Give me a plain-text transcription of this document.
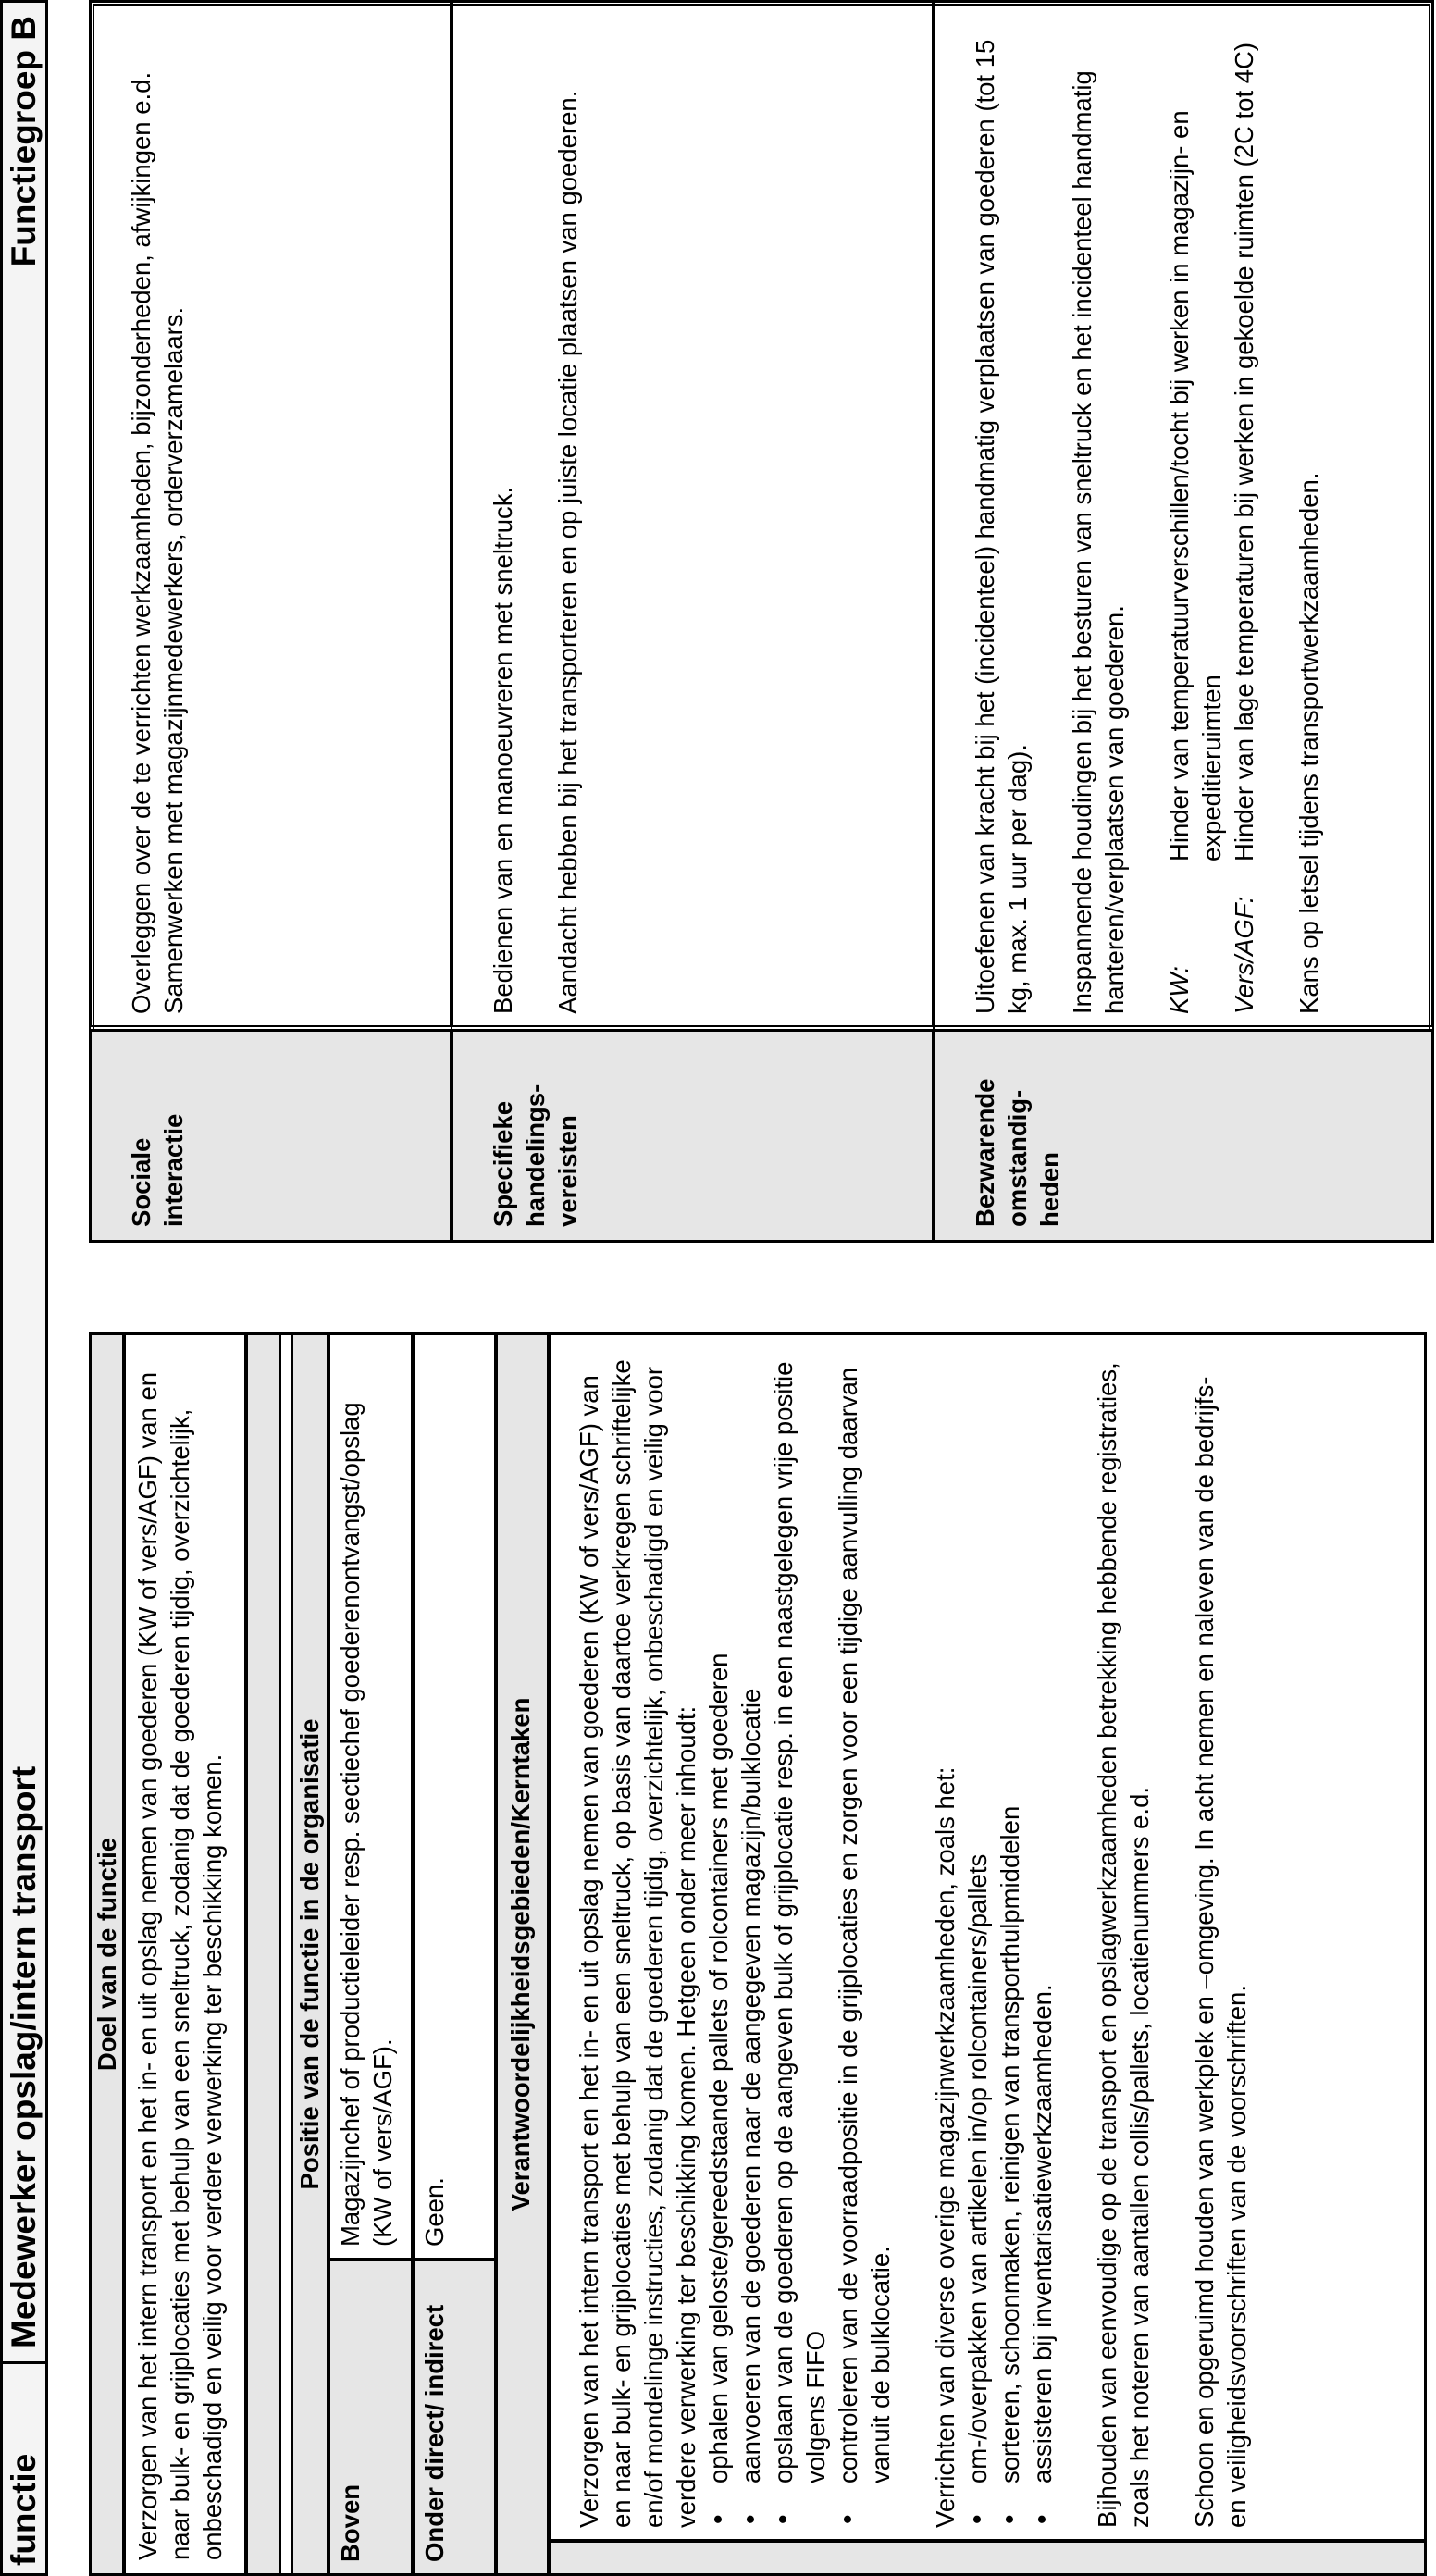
functie
Medewerker opslag/intern transport
Functiegroep B
Doel van de functie Verzorgen van het intern transport en het in- en uit opslag nemen van goederen (KW of vers/AGF) van en naar bulk- en grijplocaties met behulp van een sneltruck, zodanig dat de goederen tijdig, overzichtelijk, onbeschadigd en veilig voor verdere verwerking ter beschikking komen.	Positie van de functie in de organisatie
Boven
Magazijnchef of productieleider resp. sectiechef goederenontvangst/opslag (KW of vers/AGF).
Onder direct/ indirect
Geen.
Verantwoordelijkheidsgebieden/Kerntaken	Verzorgen van het intern transport en het in- en uit opslag nemen van goederen (KW of vers/AGF) van en naar bulk- en grijplocaties met behulp van een sneltruck, op basis van daartoe verkregen schriftelijke en/of mondelinge instructies, zodanig dat de goederen tijdig, overzichtelijk, onbeschadigd en veilig voor verdere verwerking ter beschikking komen. Hetgeen onder meer inhoudt: • ophalen van geloste/gereedstaande pallets of rolcontainers met goederen • aanvoeren van de goederen naar de aangegeven magazijn/bulklocatie • opslaan van de goederen op de aangeven bulk of grijplocatie resp. in een naastgelegen vrije positie volgens FIFO • controleren van de voorraadpositie in de grijplocaties en zorgen voor een tijdige aanvulling daarvan vanuit de bulklocatie. Verrichten van diverse overige magazijnwerkzaamheden, zoals het: • om-/overpakken van artikelen in/op rolcontainers/pallets • sorteren, schoonmaken, reinigen van transporthulpmiddelen • assisteren bij inventarisatiewerkzaamheden. Bijhouden van eenvoudige op de transport en opslagwerkzaamheden betrekking hebbende registraties, zoals het noteren van aantallen collis/pallets, locatienummers e.d. Schoon en opgeruimd houden van werkplek en –omgeving. In acht nemen en naleven van de bedrijfs- en veiligheidsvoorschriften van de voorschriften.

Sociale interactie

Overleggen over de te verrichten werkzaamheden, bijzonderheden, afwijkingen e.d. Samenwerken met magazijnmedewerkers, orderverzamelaars.

Specifieke handelings-vereisten

Bedienen van en manoeuvreren met sneltruck. Aandacht hebben bij het transporteren en op juiste locatie plaatsen van goederen.

Bezwarende omstandig-heden

Uitoefenen van kracht bij het (incidenteel) handmatig verplaatsen van goederen (tot 15 kg, max. 1 uur per dag). Inspannende houdingen bij het besturen van sneltruck en het incidenteel handmatig hanteren/verplaatsen van goederen. KW:
Hinder van temperatuurverschillen/tocht bij werken in magazijn- en expeditieruimten
Vers/AGF:
Hinder van lage temperaturen bij werken in gekoelde ruimten (2C tot 4C) Kans op letsel tijdens transportwerkzaamheden.
